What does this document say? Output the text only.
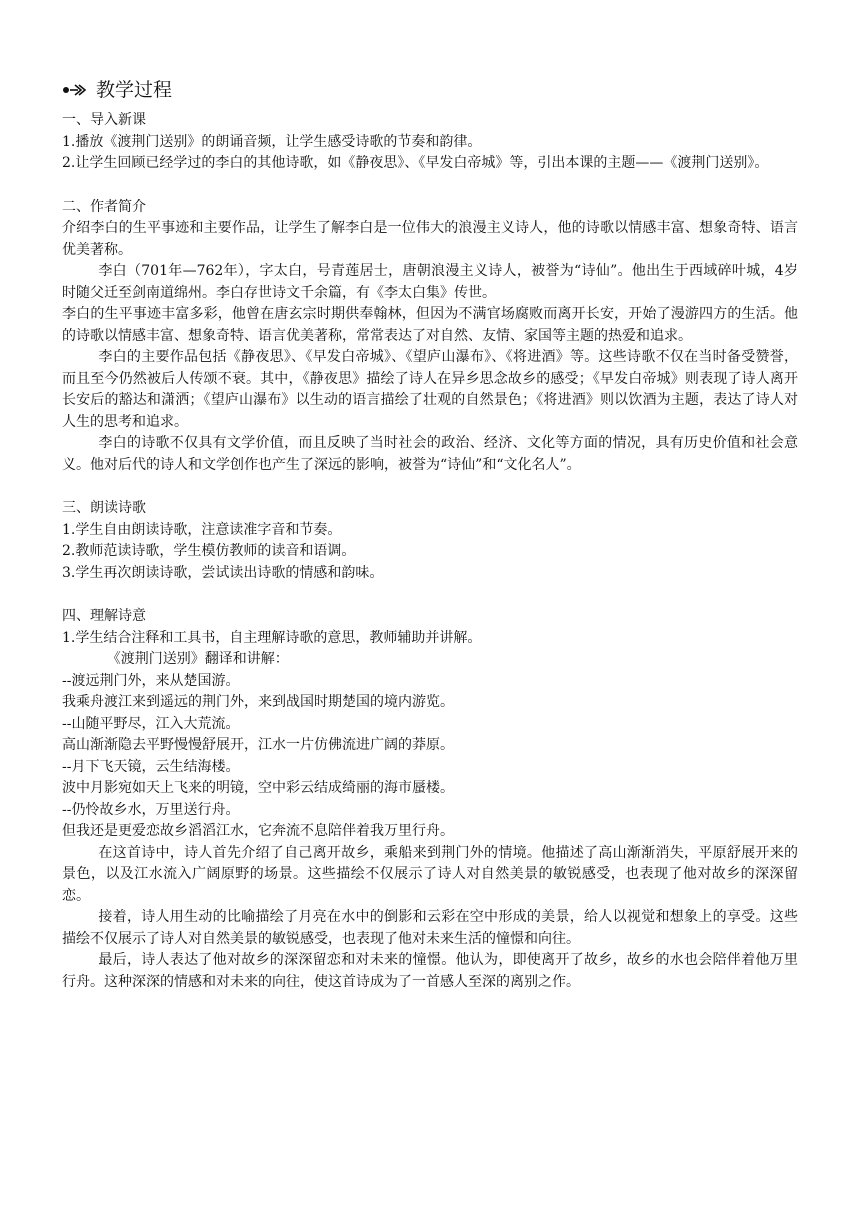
教学过程
一、导入新课
1.播放《渡荆门送别》的朗诵音频，让学生感受诗歌的节奏和韵律。
2.让学生回顾已经学过的李白的其他诗歌，如《静夜思》、《早发白帝城》等，引出本课的主题——《渡荆门送别》。
二、作者简介
介绍李白的生平事迹和主要作品，让学生了解李白是一位伟大的浪漫主义诗人，他的诗歌以情感丰富、想象奇特、语言优美著称。
李白（701年—762年），字太白，号青莲居士，唐朝浪漫主义诗人，被誉为“诗仙”。他出生于西域碎叶城，4岁时随父迁至剑南道绵州。李白存世诗文千余篇，有《李太白集》传世。
李白的生平事迹丰富多彩，他曾在唐玄宗时期供奉翰林，但因为不满官场腐败而离开长安，开始了漫游四方的生活。他的诗歌以情感丰富、想象奇特、语言优美著称，常常表达了对自然、友情、家国等主题的热爱和追求。
李白的主要作品包括《静夜思》、《早发白帝城》、《望庐山瀑布》、《将进酒》等。这些诗歌不仅在当时备受赞誉，而且至今仍然被后人传颂不衰。其中，《静夜思》描绘了诗人在异乡思念故乡的感受；《早发白帝城》则表现了诗人离开长安后的豁达和潇洒；《望庐山瀑布》以生动的语言描绘了壮观的自然景色；《将进酒》则以饮酒为主题，表达了诗人对人生的思考和追求。
李白的诗歌不仅具有文学价值，而且反映了当时社会的政治、经济、文化等方面的情况，具有历史价值和社会意义。他对后代的诗人和文学创作也产生了深远的影响，被誉为“诗仙”和“文化名人”。
三、朗读诗歌
1.学生自由朗读诗歌，注意读准字音和节奏。
2.教师范读诗歌，学生模仿教师的读音和语调。
3.学生再次朗读诗歌，尝试读出诗歌的情感和韵味。
四、理解诗意
1.学生结合注释和工具书，自主理解诗歌的意思，教师辅助并讲解。
《渡荆门送别》翻译和讲解：
--渡远荆门外，来从楚国游。
我乘舟渡江来到遥远的荆门外，来到战国时期楚国的境内游览。
--山随平野尽，江入大荒流。
高山渐渐隐去平野慢慢舒展开，江水一片仿佛流进广阔的莽原。
--月下飞天镜，云生结海楼。
波中月影宛如天上飞来的明镜，空中彩云结成绮丽的海市蜃楼。
--仍怜故乡水，万里送行舟。
但我还是更爱恋故乡滔滔江水，它奔流不息陪伴着我万里行舟。
在这首诗中，诗人首先介绍了自己离开故乡，乘船来到荆门外的情境。他描述了高山渐渐消失，平原舒展开来的景色，以及江水流入广阔原野的场景。这些描绘不仅展示了诗人对自然美景的敏锐感受，也表现了他对故乡的深深留恋。
接着，诗人用生动的比喻描绘了月亮在水中的倒影和云彩在空中形成的美景，给人以视觉和想象上的享受。这些描绘不仅展示了诗人对自然美景的敏锐感受，也表现了他对未来生活的憧憬和向往。
最后，诗人表达了他对故乡的深深留恋和对未来的憧憬。他认为，即使离开了故乡，故乡的水也会陪伴着他万里行舟。这种深深的情感和对未来的向往，使这首诗成为了一首感人至深的离别之作。
